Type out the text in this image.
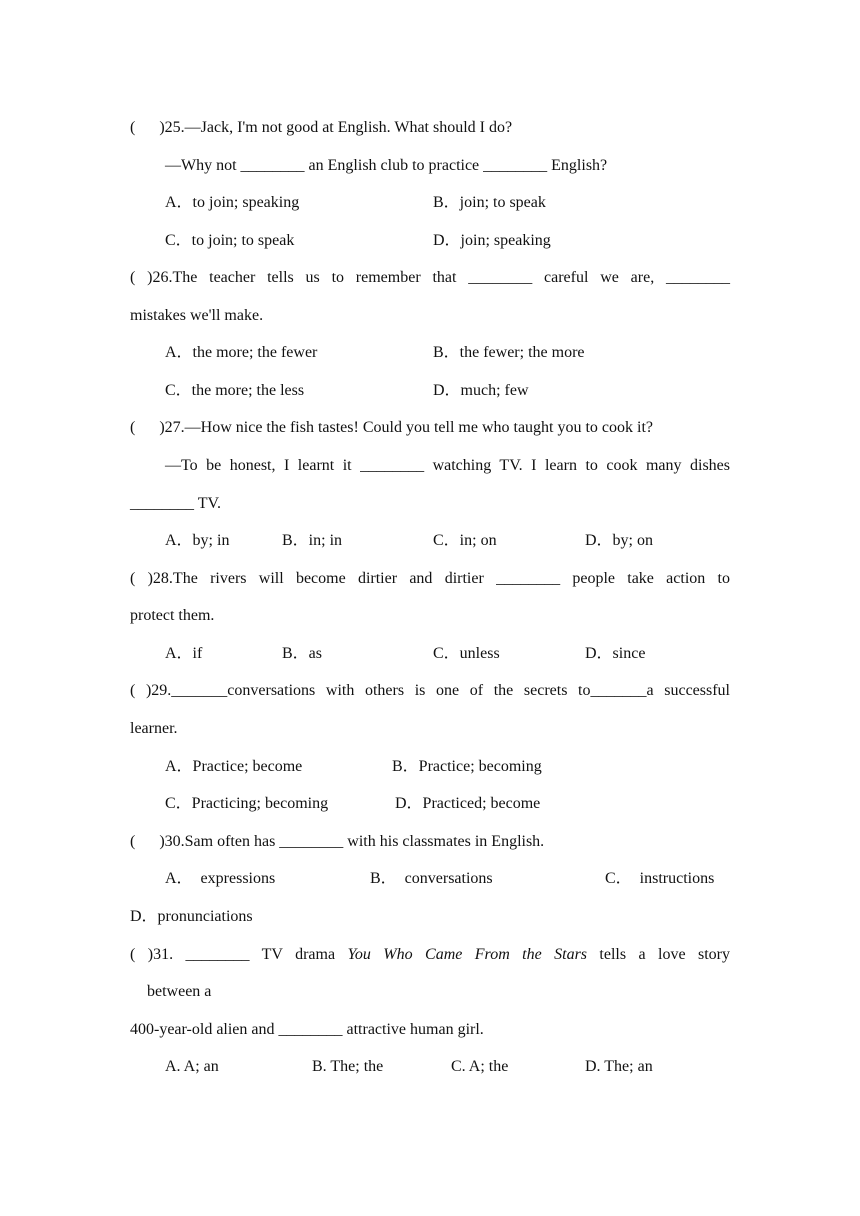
(      )25.—Jack, I'm not good at English. What should I do?
—Why not ________ an English club to practice ________ English?
A．to join; speaking	B．join; to speak
C．to join; to speak	D．join; speaking
( )26.The teacher tells us to remember that ________ careful we are, ________
mistakes we'll make.
A．the more; the fewer	B．the fewer; the more
C．the more; the less	D．much; few
(      )27.—How nice the fish tastes! Could you tell me who taught you to cook it?
—To be honest, I learnt it ________ watching TV. I learn to cook many dishes
________ TV.
A．by; in	B．in; in	C．in; on	D．by; on
( )28.The rivers will become dirtier and dirtier ________ people take action to
protect them.
A．if	B．as	C．unless	D．since
( )29._______conversations with others is one of the secrets to_______a successful
learner.
A．Practice; become	B．Practice; becoming
C．Practicing; becoming	D．Practiced; become
(      )30.Sam often has ________ with his classmates in English.
A．  expressions	B．  conversations	C．  instructions
D．pronunciations
( )31. ________ TV drama You Who Came From the Stars tells a love story
between a
400-year-old alien and ________ attractive human girl.
A. A; an	B. The; the	C. A; the	D. The; an
